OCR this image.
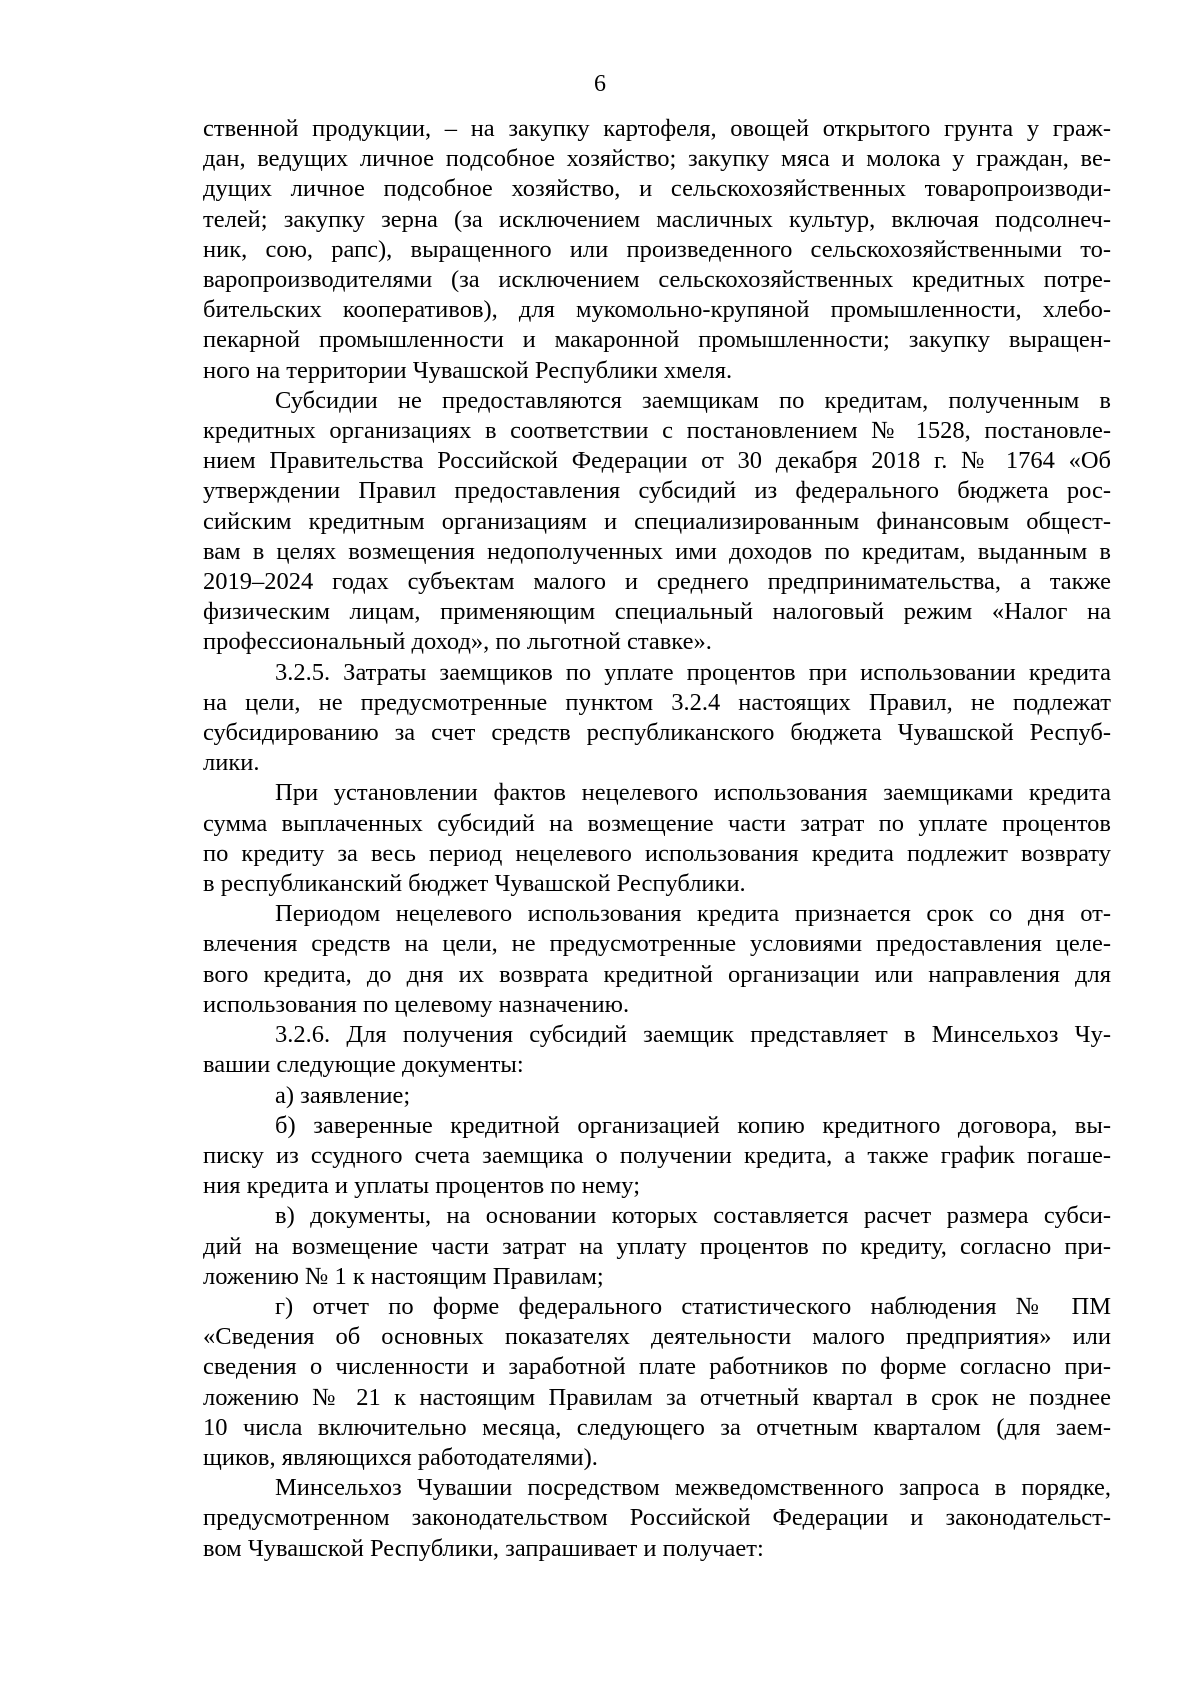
6
ственной продукции, – на закупку картофеля, овощей открытого грунта у граж-
дан, ведущих личное подсобное хозяйство; закупку мяса и молока у граждан, ве-
дущих личное подсобное хозяйство, и сельскохозяйственных товаропроизводи-
телей; закупку зерна (за исключением масличных культур, включая подсолнеч-
ник, сою, рапс), выращенного или произведенного сельскохозяйственными то-
варопроизводителями (за исключением сельскохозяйственных кредитных потре-
бительских кооперативов), для мукомольно-крупяной промышленности, хлебо-
пекарной промышленности и макаронной промышленности; закупку выращен-
ного на территории Чувашской Республики хмеля.
Субсидии не предоставляются заемщикам по кредитам, полученным в
кредитных организациях в соответствии с постановлением № 1528, постановле-
нием Правительства Российской Федерации от 30 декабря 2018 г. № 1764 «Об
утверждении Правил предоставления субсидий из федерального бюджета рос-
сийским кредитным организациям и специализированным финансовым общест-
вам в целях возмещения недополученных ими доходов по кредитам, выданным в
2019–2024 годах субъектам малого и среднего предпринимательства, а также
физическим лицам, применяющим специальный налоговый режим «Налог на
профессиональный доход», по льготной ставке».
3.2.5. Затраты заемщиков по уплате процентов при использовании кредита
на цели, не предусмотренные пунктом 3.2.4 настоящих Правил, не подлежат
субсидированию за счет средств республиканского бюджета Чувашской Респуб-
лики.
При установлении фактов нецелевого использования заемщиками кредита
сумма выплаченных субсидий на возмещение части затрат по уплате процентов
по кредиту за весь период нецелевого использования кредита подлежит возврату
в республиканский бюджет Чувашской Республики.
Периодом нецелевого использования кредита признается срок со дня от-
влечения средств на цели, не предусмотренные условиями предоставления целе-
вого кредита, до дня их возврата кредитной организации или направления для
использования по целевому назначению.
3.2.6. Для получения субсидий заемщик представляет в Минсельхоз Чу-
вашии следующие документы:
а) заявление;
б) заверенные кредитной организацией копию кредитного договора, вы-
писку из ссудного счета заемщика о получении кредита, а также график погаше-
ния кредита и уплаты процентов по нему;
в) документы, на основании которых составляется расчет размера субси-
дий на возмещение части затрат на уплату процентов по кредиту, согласно при-
ложению № 1 к настоящим Правилам;
г) отчет по форме федерального статистического наблюдения № ПМ
«Сведения об основных показателях деятельности малого предприятия» или
сведения о численности и заработной плате работников по форме согласно при-
ложению № 21 к настоящим Правилам за отчетный квартал в срок не позднее
10 числа включительно месяца, следующего за отчетным кварталом (для заем-
щиков, являющихся работодателями).
Минсельхоз Чувашии посредством межведомственного запроса в порядке,
предусмотренном законодательством Российской Федерации и законодательст-
вом Чувашской Республики, запрашивает и получает:
